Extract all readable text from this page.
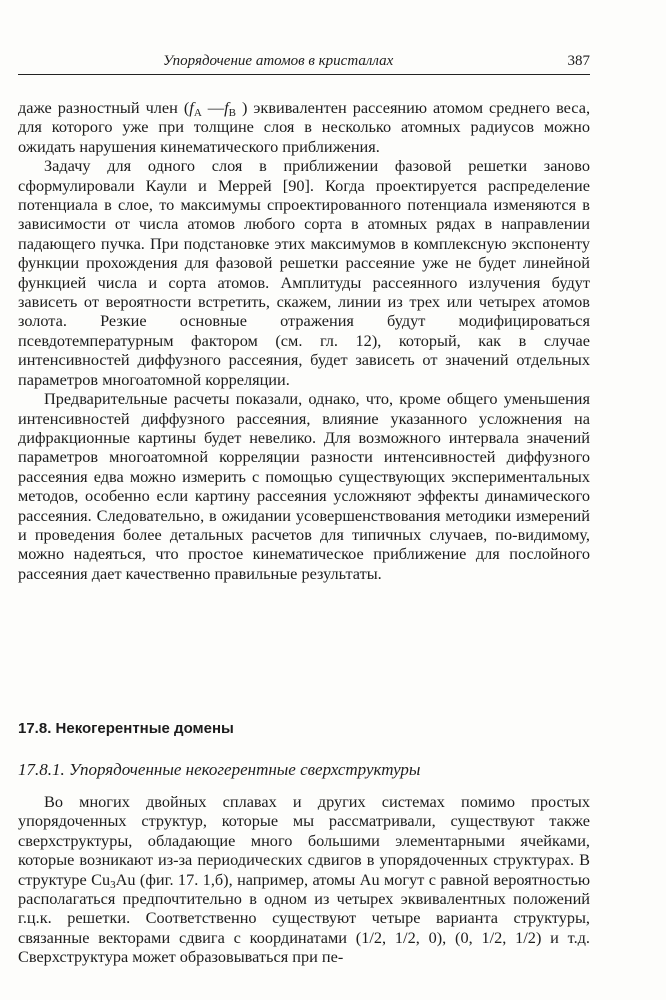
Упорядочение атомов в кристаллах	387

даже разностный член ($f_A$ $—f_B$ ) эквивалентен рассеянию атомом среднего веса, для которого уже при толщине слоя в несколько атомных радиусов можно ожидать нарушения кинематического приближения.

Задачу для одного слоя в приближении фазовой решетки заново сформулировали Каули и Меррей [90]. Когда проектируется распределение потенциала в слое, то максимумы спроектированного потенциала изменяются в зависимости от числа атомов любого сорта в атомных рядах в направлении падающего пучка. При подстановке этих максимумов в комплексную экспоненту функции прохождения для фазовой решетки рассеяние уже не будет линейной функцией числа и сорта атомов. Амплитуды рассеянного излучения будут зависеть от вероятности встретить, скажем, линии из трех или четырех атомов золота. Резкие основные отражения будут модифицироваться псевдотемпературным фактором (см. гл. 12), который, как в случае интенсивностей диффузного рассеяния, будет зависеть от значений отдельных параметров многоатомной корреляции.

Предварительные расчеты показали, однако, что, кроме общего уменьшения интенсивностей диффузного рассеяния, влияние указанного усложнения на дифракционные картины будет невелико. Для возможного интервала значений параметров многоатомной корреляции разности интенсивностей диффузного рассеяния едва можно измерить с помощью существующих экспериментальных методов, особенно если картину рассеяния усложняют эффекты динамического рассеяния. Следовательно, в ожидании усовершенствования методики измерений и проведения более детальных расчетов для типичных случаев, по-видимому, можно надеяться, что простое кинематическое приближение для послойного рассеяния дает качественно правильные результаты.

17.8. Некогерентные домены
17.8.1. Упорядоченные некогерентные сверхструктуры

Во многих двойных сплавах и других системах помимо простых упорядоченных структур, которые мы рассматривали, существуют также сверхструктуры, обладающие много большими элементарными ячейками, которые возникают из-за периодических сдвигов в упорядоченных структурах. В структуре $Cu_3Au$ (фиг. 17. 1,б), например, атомы Au могут с равной вероятностью располагаться предпочтительно в одном из четырех эквивалентных положений г.ц.к. решетки. Соответственно существуют четыре варианта структуры, связанные векторами сдвига с координатами (1/2, 1/2, 0), (0, 1/2, 1/2) и т.д. Сверхструктура может образовываться при пе-
